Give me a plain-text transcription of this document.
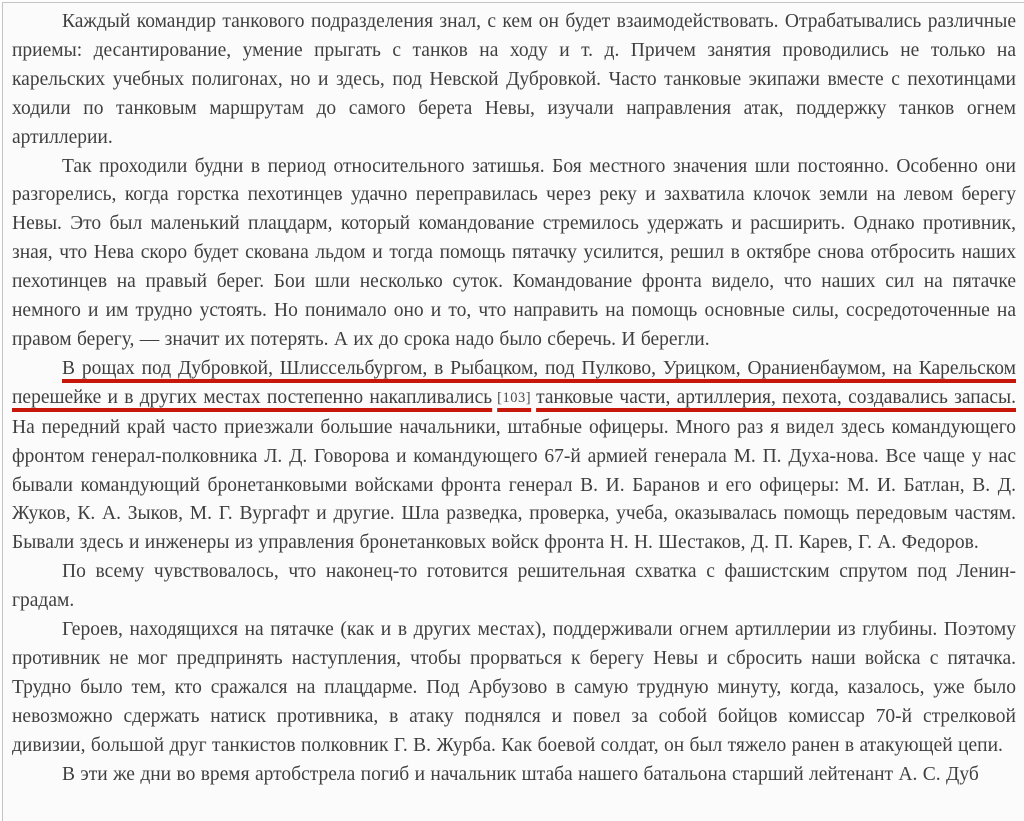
Каждый командир танкового подразделения знал, с кем он будет взаимодействовать. Отрабатывались различные приемы: десантирование, умение прыгать с танков на ходу и т. д. Причем занятия проводились не только на карельских учебных полигонах, но и здесь, под Невской Дубровкой. Часто танковые экипажи вместе с пехотинцами ходили по танковым маршрутам до самого берета Невы, изучали направления атак, поддержку танков огнем артиллерии.

Так проходили будни в период относительного затишья. Боя местного значения шли постоянно. Особенно они разгорелись, когда горстка пехотинцев удачно переправилась через реку и захватила клочок земли на левом берегу Невы. Это был маленький плацдарм, который командование стремилось удержать и расширить. Однако противник, зная, что Нева скоро будет скована льдом и тогда помощь пятачку усилится, решил в октябре снова отбросить наших пехотинцев на правый берег. Бои шли несколько суток. Командование фронта видело, что наших сил на пятачке немного и им трудно устоять. Но понимало оно и то, что направить на помощь основные силы, сосредоточенные на правом берегу, — значит их потерять. А их до срока надо было сберечь. И берегли.

В рощах под Дубровкой, Шлиссельбургом, в Рыбацком, под Пулково, Урицком, Ораниенбаумом, на Карельском перешейке и в других местах постепенно накапливались [103] танковые части, артиллерия, пехота, создавались запасы. На передний край часто приезжали большие начальники, штабные офицеры. Много раз я видел здесь командующего фронтом генерал-полковника Л. Д. Говорова и командующего 67-й армией генерала М. П. Духа-нова. Все чаще у нас бывали командующий бронетанковыми войсками фронта генерал В. И. Баранов и его офицеры: М. И. Батлан, В. Д. Жуков, К. А. Зыков, М. Г. Вургафт и другие. Шла разведка, проверка, учеба, оказывалась помощь передовым частям. Бывали здесь и инженеры из управления бронетанковых войск фронта Н. Н. Шестаков, Д. П. Карев, Г. А. Федоров.

По всему чувствовалось, что наконец-то готовится решительная схватка с фашистским спрутом под Ленин-градам.

Героев, находящихся на пятачке (как и в других местах), поддерживали огнем артиллерии из глубины. Поэтому противник не мог предпринять наступления, чтобы прорваться к берегу Невы и сбросить наши войска с пятачка. Трудно было тем, кто сражался на плацдарме. Под Арбузово в самую трудную минуту, когда, казалось, уже было невозможно сдержать натиск противника, в атаку поднялся и повел за собой бойцов комиссар 70-й стрелковой дивизии, большой друг танкистов полковник Г. В. Журба. Как боевой солдат, он был тяжело ранен в атакующей цепи.

В эти же дни во время артобстрела погиб и начальник штаба нашего батальона старший лейтенант А. С. Дуб
